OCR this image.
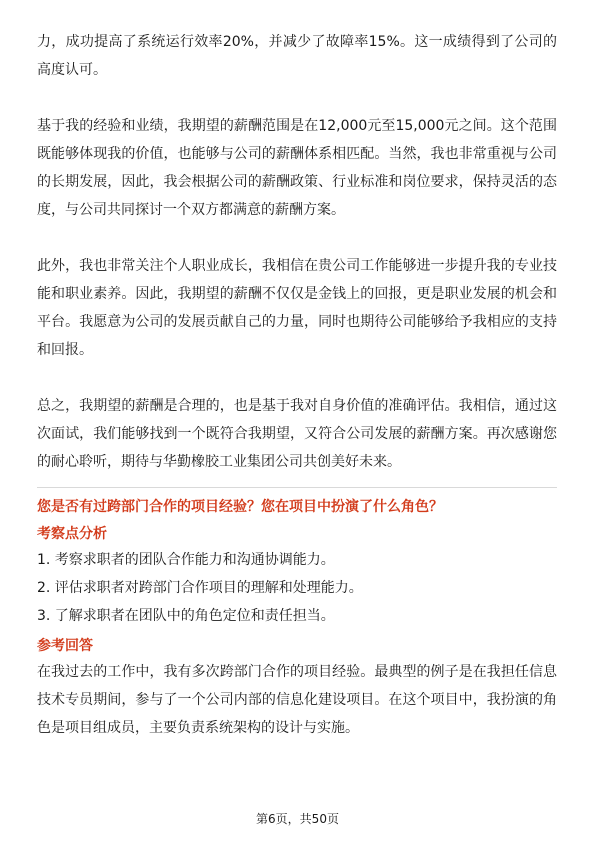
力，成功提高了系统运行效率20%，并减少了故障率15%。这一成绩得到了公司的高度认可。

基于我的经验和业绩，我期望的薪酬范围是在12,000元至15,000元之间。这个范围既能够体现我的价值，也能够与公司的薪酬体系相匹配。当然，我也非常重视与公司的长期发展，因此，我会根据公司的薪酬政策、行业标准和岗位要求，保持灵活的态度，与公司共同探讨一个双方都满意的薪酬方案。

此外，我也非常关注个人职业成长，我相信在贵公司工作能够进一步提升我的专业技能和职业素养。因此，我期望的薪酬不仅仅是金钱上的回报，更是职业发展的机会和平台。我愿意为公司的发展贡献自己的力量，同时也期待公司能够给予我相应的支持和回报。

总之，我期望的薪酬是合理的，也是基于我对自身价值的准确评估。我相信，通过这次面试，我们能够找到一个既符合我期望，又符合公司发展的薪酬方案。再次感谢您的耐心聆听，期待与华勤橡胶工业集团公司共创美好未来。

您是否有过跨部门合作的项目经验？您在项目中扮演了什么角色？

考察点分析

1. 考察求职者的团队合作能力和沟通协调能力。
2. 评估求职者对跨部门合作项目的理解和处理能力。
3. 了解求职者在团队中的角色定位和责任担当。

参考回答

在我过去的工作中，我有多次跨部门合作的项目经验。最典型的例子是在我担任信息技术专员期间，参与了一个公司内部的信息化建设项目。在这个项目中，我扮演的角色是项目组成员，主要负责系统架构的设计与实施。

第6页，共50页
